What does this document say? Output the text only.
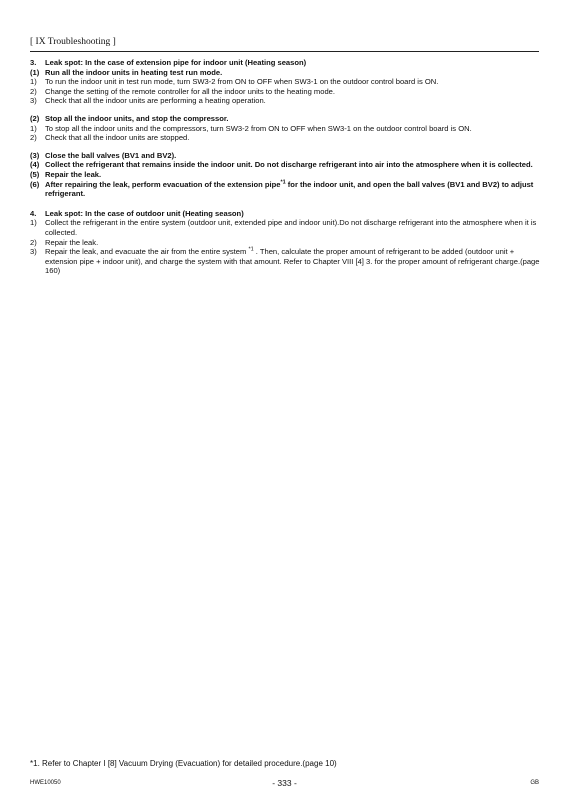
[ IX Troubleshooting ]
3.	Leak spot: In the case of extension pipe for indoor unit (Heating season)
(1) Run all the indoor units in heating test run mode.
1)	To run the indoor unit in test run mode, turn SW3-2 from ON to OFF when SW3-1 on the outdoor control board is ON.
2)	Change the setting of the remote controller for all the indoor units to the heating mode.
3)	Check that all the indoor units are performing a heating operation.
(2) Stop all the indoor units, and stop the compressor.
1)	To stop all the indoor units and the compressors, turn SW3-2 from ON to OFF when SW3-1 on the outdoor control board is ON.
2)	Check that all the indoor units are stopped.
(3) Close the ball valves (BV1 and BV2).
(4) Collect the refrigerant that remains inside the indoor unit. Do not discharge refrigerant into air into the atmosphere when it is collected.
(5) Repair the leak.
(6) After repairing the leak, perform evacuation of the extension pipe$^{*1}$ for the indoor unit, and open the ball valves (BV1 and BV2) to adjust refrigerant.
4.	Leak spot: In the case of outdoor unit (Heating season)
1)	Collect the refrigerant in the entire system (outdoor unit, extended pipe and indoor unit).Do not discharge refrigerant into the atmosphere when it is collected.
2)	Repair the leak.
3)	Repair the leak, and evacuate the air from the entire system $^{*1}$ . Then, calculate the proper amount of refrigerant to be added (outdoor unit + extension pipe + indoor unit), and charge the system with that amount. Refer to Chapter VIII [4] 3. for the proper amount of refrigerant charge.(page 160)
*1. Refer to Chapter I [8] Vacuum Drying (Evacuation) for detailed procedure.(page 10)
HWE10050	- 333 -	GB
